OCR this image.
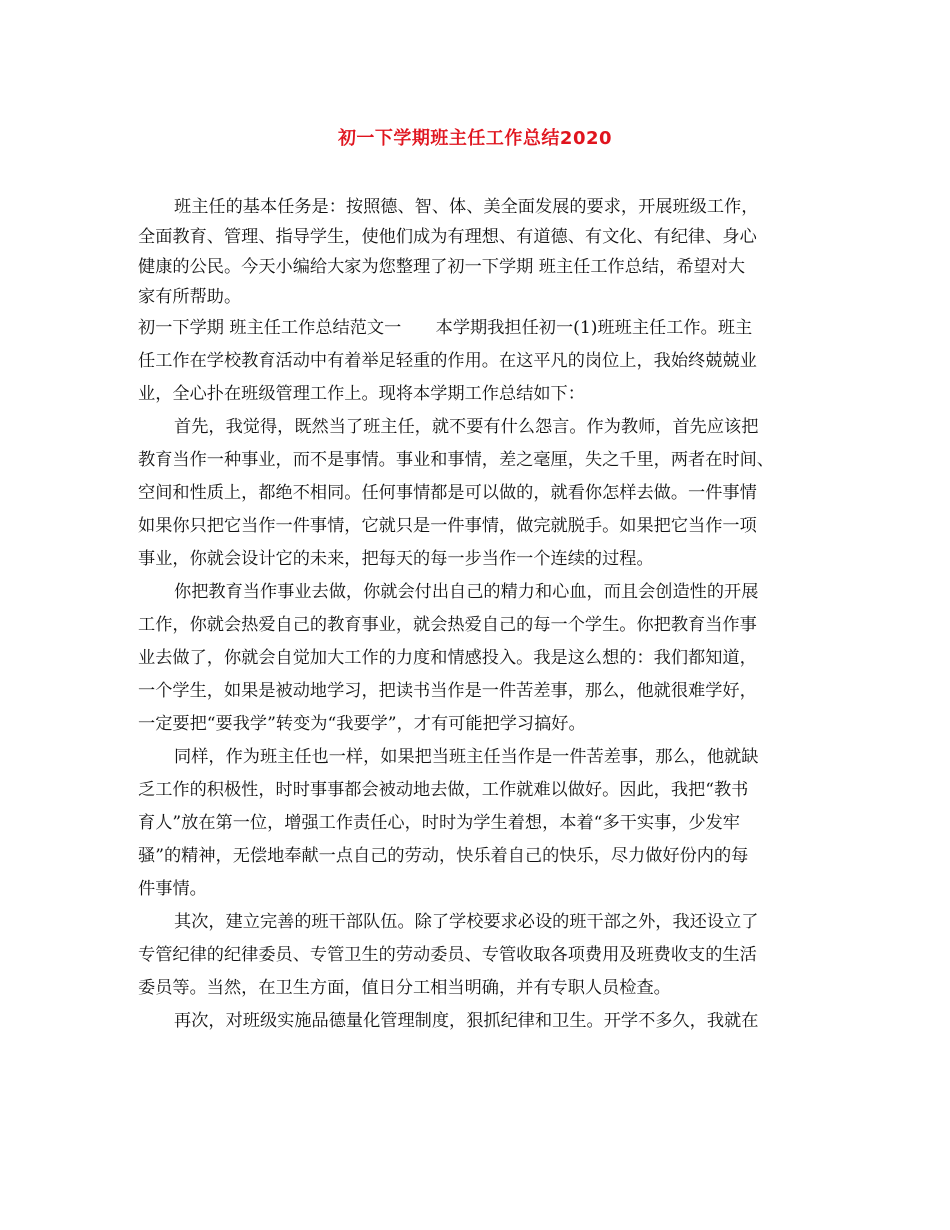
初一下学期班主任工作总结2020
班主任的基本任务是：按照德、智、体、美全面发展的要求，开展班级工作，
全面教育、管理、指导学生，使他们成为有理想、有道德、有文化、有纪律、身心
健康的公民。今天小编给大家为您整理了初一下学期 班主任工作总结，希望对大
家有所帮助。
初一下学期 班主任工作总结范文一　　本学期我担任初一(1)班班主任工作。班主
任工作在学校教育活动中有着举足轻重的作用。在这平凡的岗位上，我始终兢兢业
业，全心扑在班级管理工作上。现将本学期工作总结如下：
首先，我觉得，既然当了班主任，就不要有什么怨言。作为教师，首先应该把
教育当作一种事业，而不是事情。事业和事情，差之毫厘，失之千里，两者在时间、
空间和性质上，都绝不相同。任何事情都是可以做的，就看你怎样去做。一件事情
如果你只把它当作一件事情，它就只是一件事情，做完就脱手。如果把它当作一项
事业，你就会设计它的未来，把每天的每一步当作一个连续的过程。
你把教育当作事业去做，你就会付出自己的精力和心血，而且会创造性的开展
工作，你就会热爱自己的教育事业，就会热爱自己的每一个学生。你把教育当作事
业去做了，你就会自觉加大工作的力度和情感投入。我是这么想的：我们都知道，
一个学生，如果是被动地学习，把读书当作是一件苦差事，那么，他就很难学好，
一定要把“要我学”转变为“我要学”，才有可能把学习搞好。
同样，作为班主任也一样，如果把当班主任当作是一件苦差事，那么，他就缺
乏工作的积极性，时时事事都会被动地去做，工作就难以做好。因此，我把“教书
育人”放在第一位，增强工作责任心，时时为学生着想，本着“多干实事，少发牢
骚”的精神，无偿地奉献一点自己的劳动，快乐着自己的快乐，尽力做好份内的每
件事情。
其次，建立完善的班干部队伍。除了学校要求必设的班干部之外，我还设立了
专管纪律的纪律委员、专管卫生的劳动委员、专管收取各项费用及班费收支的生活
委员等。当然，在卫生方面，值日分工相当明确，并有专职人员检查。
再次，对班级实施品德量化管理制度，狠抓纪律和卫生。开学不多久，我就在
